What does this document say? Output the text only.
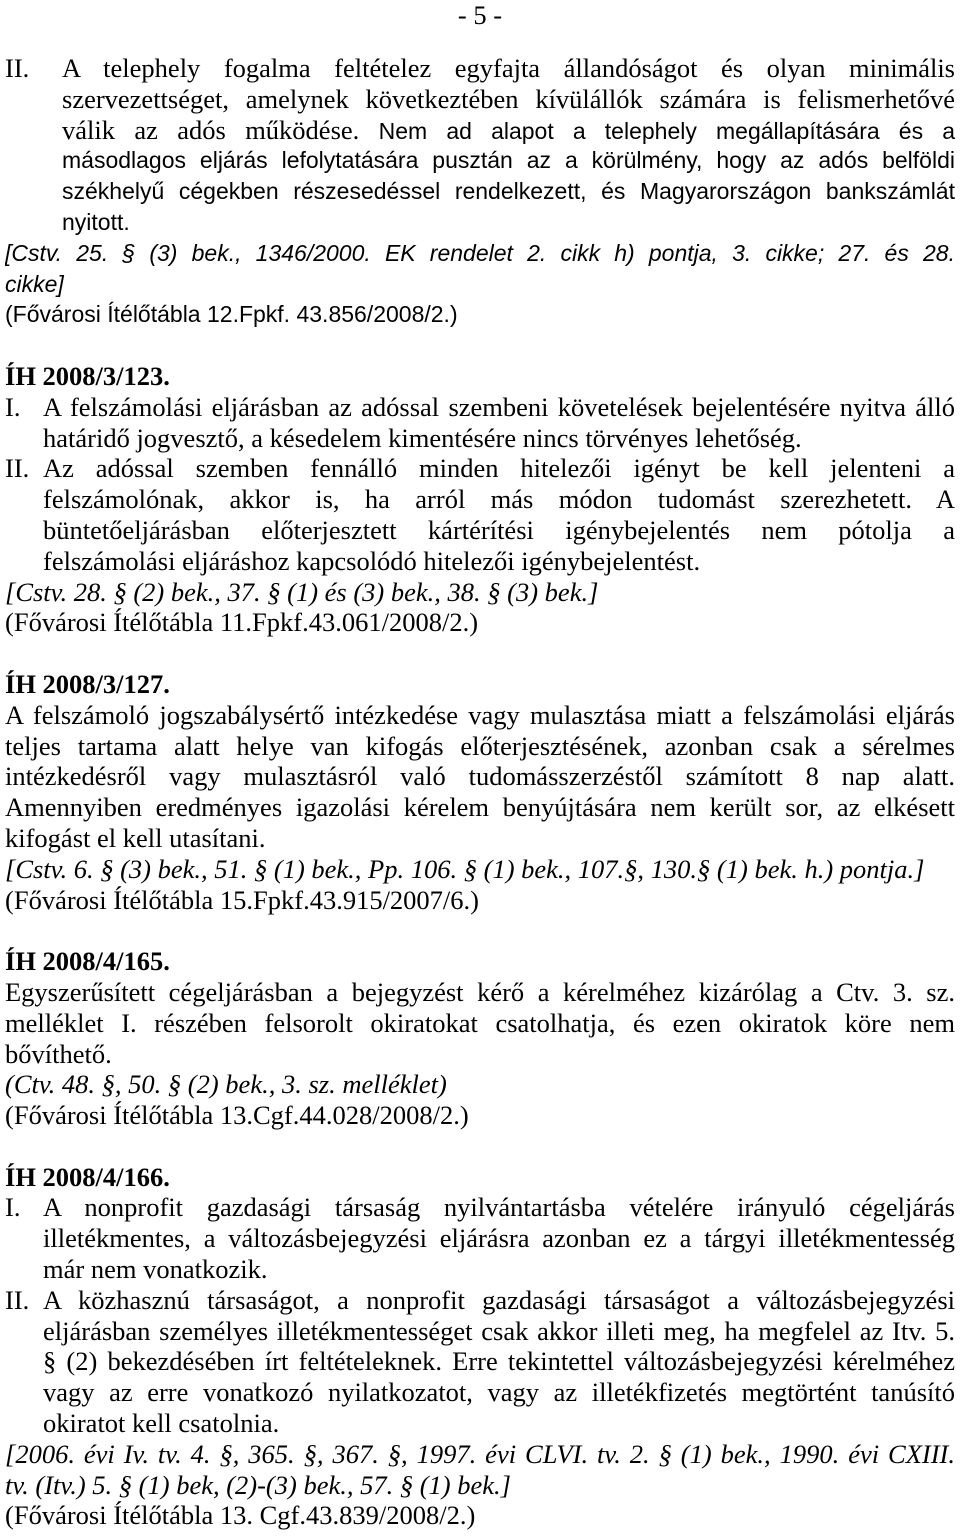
- 5 -
II. A telephely fogalma feltételez egyfajta állandóságot és olyan minimális
szervezettséget, amelynek következtében kívülállók számára is felismerhetővé
válik az adós működése. Nem ad alapot a telephely megállapítására és a
másodlagos eljárás lefolytatására pusztán az a körülmény, hogy az adós belföldi
székhelyű cégekben részesedéssel rendelkezett, és Magyarországon bankszámlát
nyitott.
[Cstv. 25. § (3) bek., 1346/2000. EK rendelet 2. cikk h) pontja, 3. cikke; 27. és 28.
cikke]
(Fővárosi Ítélőtábla 12.Fpkf. 43.856/2008/2.)
ÍH 2008/3/123.
I. A felszámolási eljárásban az adóssal szembeni követelések bejelentésére nyitva álló
határidő jogvesztő, a késedelem kimentésére nincs törvényes lehetőség.
II. Az adóssal szemben fennálló minden hitelezői igényt be kell jelenteni a
felszámolónak, akkor is, ha arról más módon tudomást szerezhetett. A
büntetőeljárásban előterjesztett kártérítési igénybejelentés nem pótolja a
felszámolási eljáráshoz kapcsolódó hitelezői igénybejelentést.
[Cstv. 28. § (2) bek., 37. § (1) és (3) bek., 38. § (3) bek.]
(Fővárosi Ítélőtábla 11.Fpkf.43.061/2008/2.)
ÍH 2008/3/127.
A felszámoló jogszabálysértő intézkedése vagy mulasztása miatt a felszámolási eljárás
teljes tartama alatt helye van kifogás előterjesztésének, azonban csak a sérelmes
intézkedésről vagy mulasztásról való tudomásszerzéstől számított 8 nap alatt.
Amennyiben eredményes igazolási kérelem benyújtására nem került sor, az elkésett
kifogást el kell utasítani.
[Cstv. 6. § (3) bek., 51. § (1) bek., Pp. 106. § (1) bek., 107.§, 130.§ (1) bek. h.) pontja.]
(Fővárosi Ítélőtábla 15.Fpkf.43.915/2007/6.)
ÍH 2008/4/165.
Egyszerűsített cégeljárásban a bejegyzést kérő a kérelméhez kizárólag a Ctv. 3. sz.
melléklet I. részében felsorolt okiratokat csatolhatja, és ezen okiratok köre nem
bővíthető.
(Ctv. 48. §, 50. § (2) bek., 3. sz. melléklet)
(Fővárosi Ítélőtábla 13.Cgf.44.028/2008/2.)
ÍH 2008/4/166.
I. A nonprofit gazdasági társaság nyilvántartásba vételére irányuló cégeljárás
illetékmentes, a változásbejegyzési eljárásra azonban ez a tárgyi illetékmentesség
már nem vonatkozik.
II. A közhasznú társaságot, a nonprofit gazdasági társaságot a változásbejegyzési
eljárásban személyes illetékmentességet csak akkor illeti meg, ha megfelel az Itv. 5.
§ (2) bekezdésében írt feltételeknek. Erre tekintettel változásbejegyzési kérelméhez
vagy az erre vonatkozó nyilatkozatot, vagy az illetékfizetés megtörtént tanúsító
okiratot kell csatolnia.
[2006. évi Iv. tv. 4. §, 365. §, 367. §, 1997. évi CLVI. tv. 2. § (1) bek., 1990. évi CXIII.
tv. (Itv.) 5. § (1) bek, (2)-(3) bek., 57. § (1) bek.]
(Fővárosi Ítélőtábla 13. Cgf.43.839/2008/2.)
